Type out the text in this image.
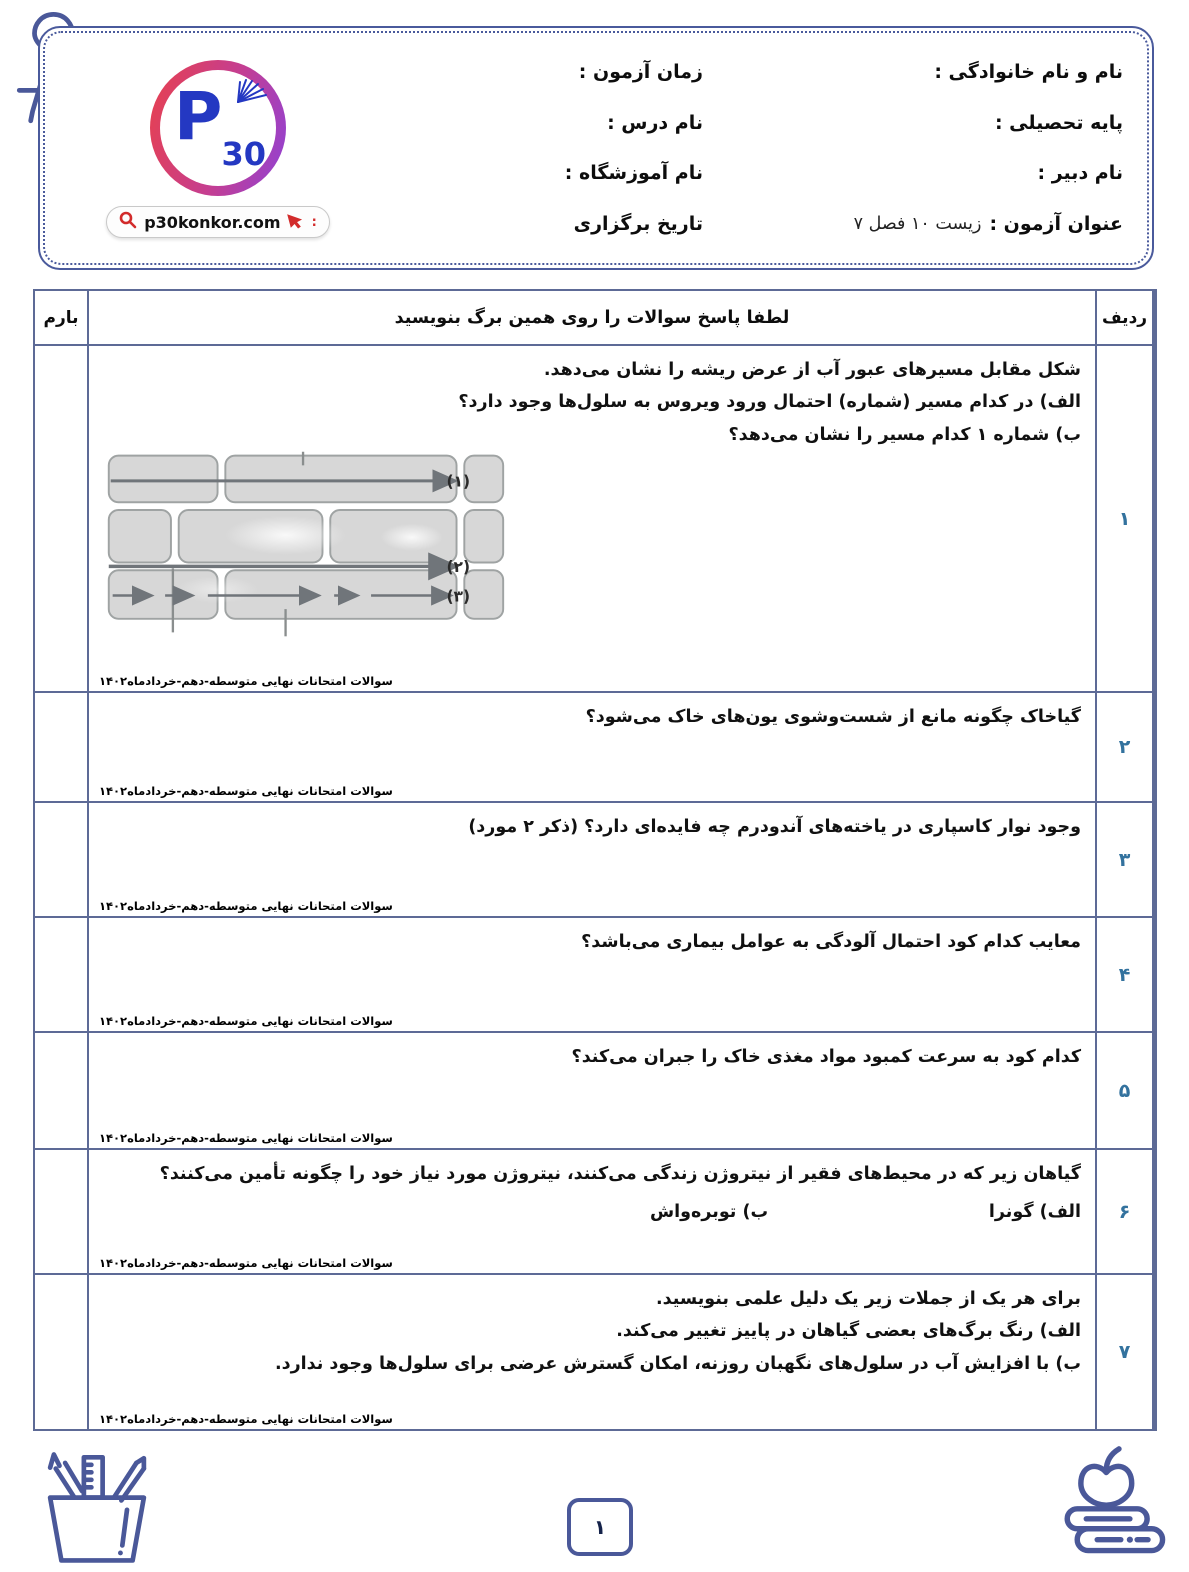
نام و نام خانوادگی :
پایه تحصیلی :
نام دبیر :
عنوان آزمون :
زیست ۱۰ فصل ۷
زمان آزمون :
نام درس :
نام آموزشگاه :
تاریخ برگزاری
P 30
p30konkor.com :
ردیف
لطفا پاسخ سوالات را روی همین برگ بنویسید
بارم
۱
شکل مقابل مسیرهای عبور آب از عرض ریشه را نشان می‌دهد.
الف) در کدام مسیر (شماره) احتمال ورود ویروس به سلول‌ها وجود دارد؟
ب) شماره ۱ کدام مسیر را نشان می‌دهد؟
(۱)
(۲)
(۳)
سوالات امتحانات نهایی متوسطه-دهم-خردادماه۱۴۰۲
۲
گیاخاک چگونه مانع از شست‌وشوی یون‌های خاک می‌شود؟
سوالات امتحانات نهایی متوسطه-دهم-خردادماه۱۴۰۲
۳
وجود نوار کاسپاری در یاخته‌های آندودرم چه فایده‌ای دارد؟ (ذکر ۲ مورد)
سوالات امتحانات نهایی متوسطه-دهم-خردادماه۱۴۰۲
۴
معایب کدام کود احتمال آلودگی به عوامل بیماری می‌باشد؟
سوالات امتحانات نهایی متوسطه-دهم-خردادماه۱۴۰۲
۵
کدام کود به سرعت کمبود مواد مغذی خاک را جبران می‌کند؟
سوالات امتحانات نهایی متوسطه-دهم-خردادماه۱۴۰۲
۶
گیاهان زیر که در محیط‌های فقیر از نیتروژن زندگی می‌کنند، نیتروژن مورد نیاز خود را چگونه تأمین می‌کنند؟
الف) گونرا
ب) توبره‌واش
سوالات امتحانات نهایی متوسطه-دهم-خردادماه۱۴۰۲
۷
برای هر یک از جملات زیر یک دلیل علمی بنویسید.
الف) رنگ برگ‌های بعضی گیاهان در پاییز تغییر می‌کند.
ب) با افزایش آب در سلول‌های نگهبان روزنه، امکان گسترش عرضی برای سلول‌ها وجود ندارد.
سوالات امتحانات نهایی متوسطه-دهم-خردادماه۱۴۰۲
۱
